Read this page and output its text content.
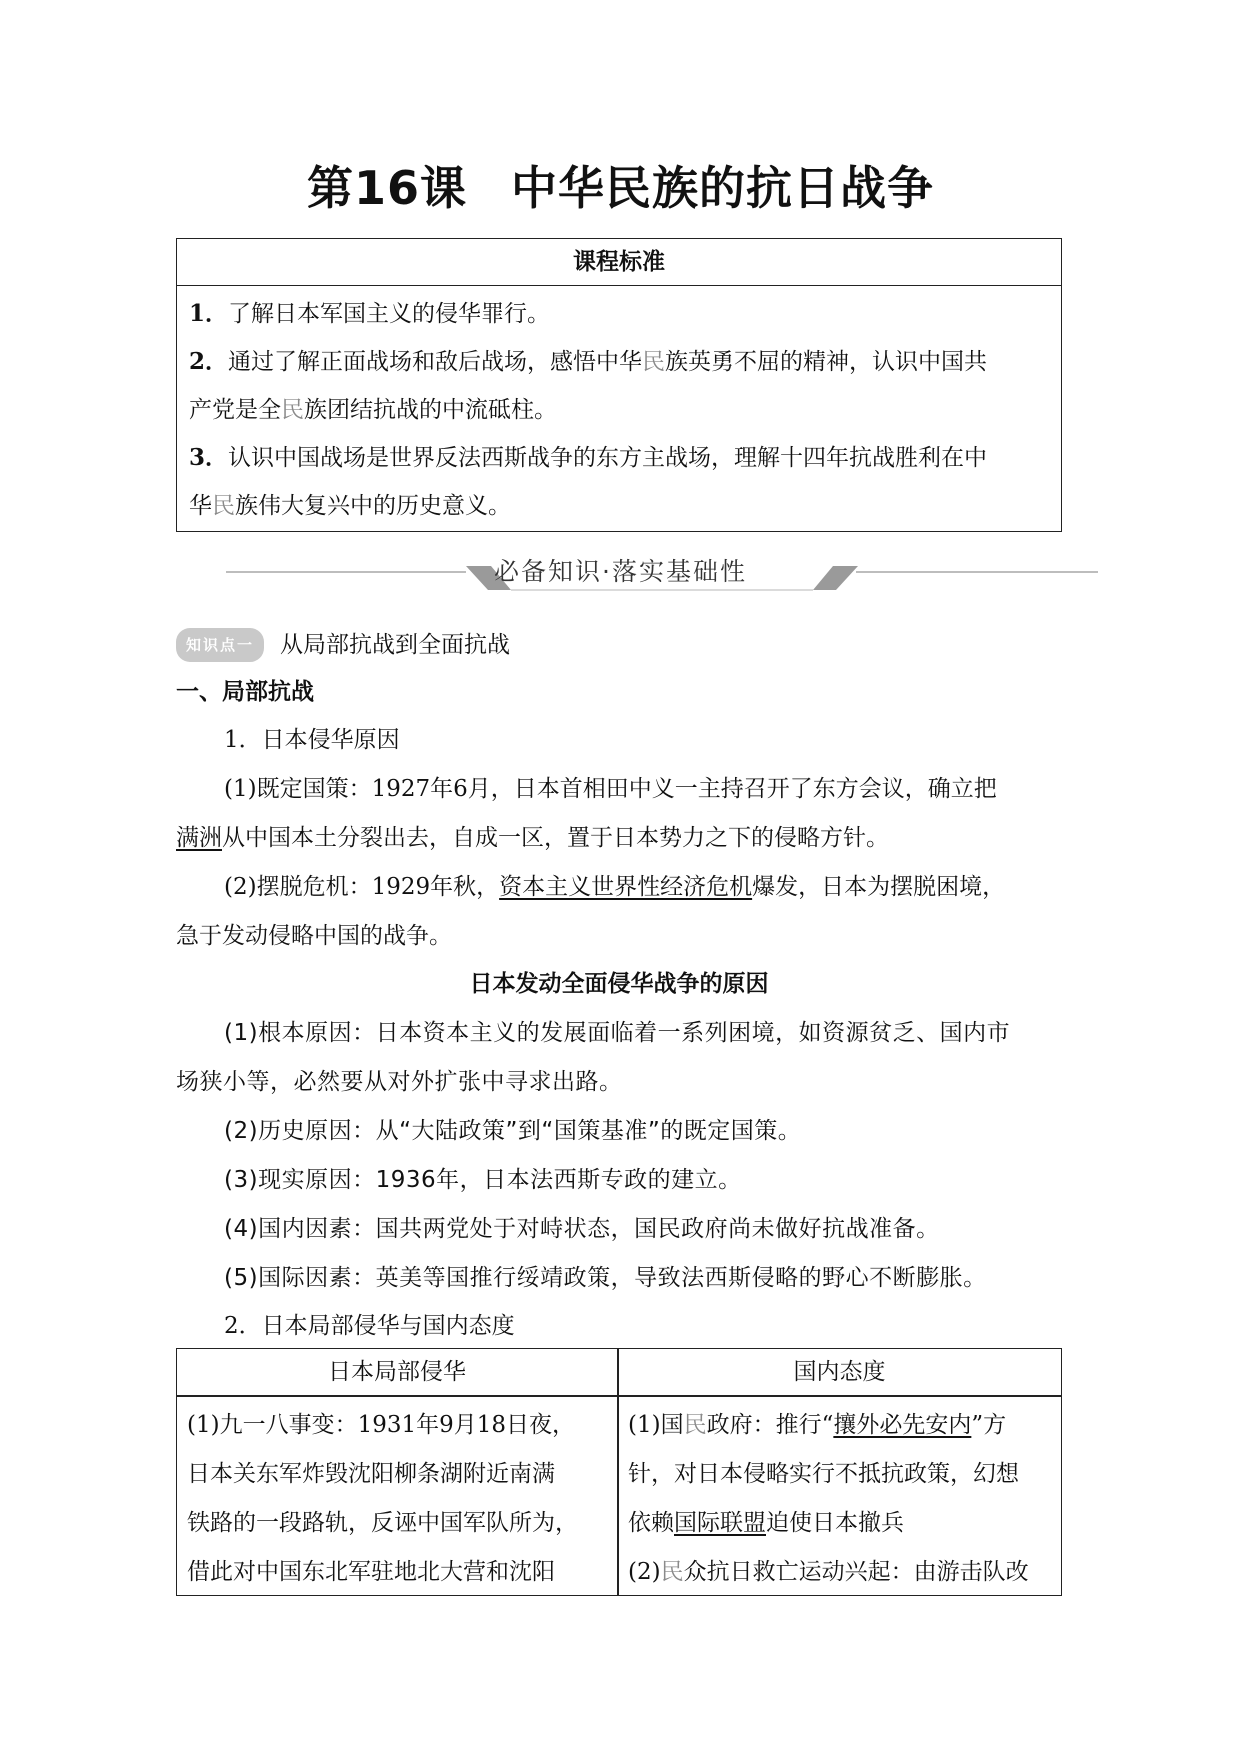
第16课 中华民族的抗日战争
课程标准

1．了解日本军国主义的侵华罪行。

2．通过了解正面战场和敌后战场，感悟中华民族英勇不屈的精神，认识中国共

产党是全民族团结抗战的中流砥柱。

3．认识中国战场是世界反法西斯战争的东方主战场，理解十四年抗战胜利在中

华民族伟大复兴中的历史意义。

必备知识·落实基础性
知识点一 从局部抗战到全面抗战
一、局部抗战
1．日本侵华原因
(1)既定国策：1927年6月，日本首相田中义一主持召开了东方会议，确立把
满洲从中国本土分裂出去，自成一区，置于日本势力之下的侵略方针。
(2)摆脱危机：1929年秋，资本主义世界性经济危机爆发，日本为摆脱困境，
急于发动侵略中国的战争。
日本发动全面侵华战争的原因
(1)根本原因：日本资本主义的发展面临着一系列困境，如资源贫乏、国内市
场狭小等，必然要从对外扩张中寻求出路。
(2)历史原因：从“大陆政策”到“国策基准”的既定国策。
(3)现实原因：1936年，日本法西斯专政的建立。
(4)国内因素：国共两党处于对峙状态，国民政府尚未做好抗战准备。
(5)国际因素：英美等国推行绥靖政策，导致法西斯侵略的野心不断膨胀。
2．日本局部侵华与国内态度
日本局部侵华	国内态度

(1)九一八事变：1931年9月18日夜，

日本关东军炸毁沈阳柳条湖附近南满

铁路的一段路轨，反诬中国军队所为，

借此对中国东北军驻地北大营和沈阳

(1)国民政府：推行“攘外必先安内”方

针，对日本侵略实行不抵抗政策，幻想

依赖国际联盟迫使日本撤兵

(2)民众抗日救亡运动兴起：由游击队改
